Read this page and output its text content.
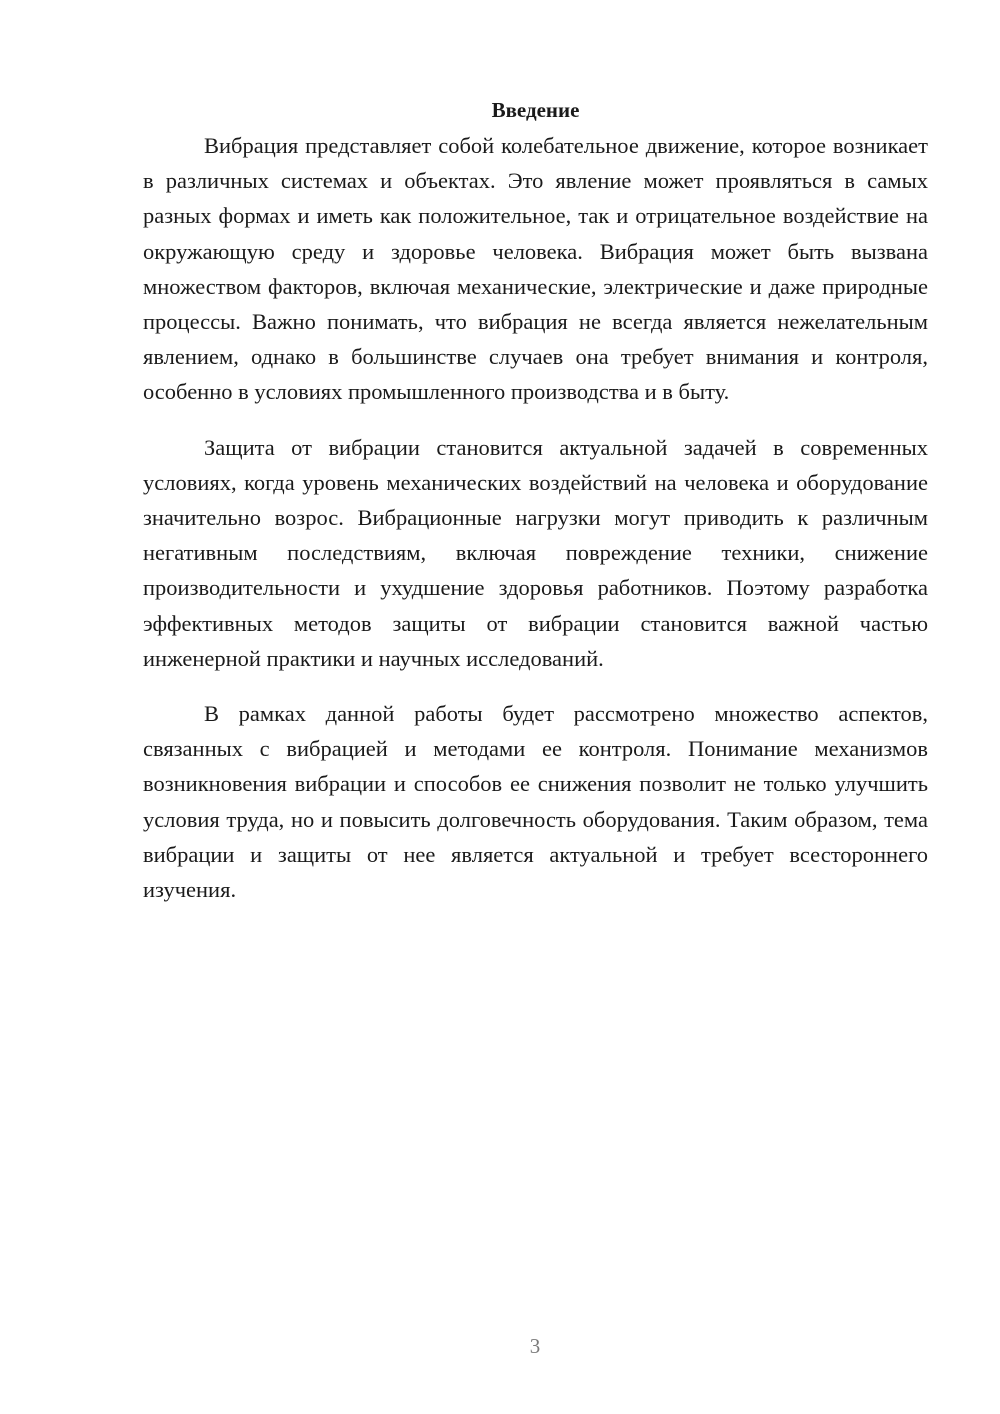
Введение

Вибрация представляет собой колебательное движение, которое возникает в различных системах и объектах. Это явление может проявляться в самых разных формах и иметь как положительное, так и отрицательное воздействие на окружающую среду и здоровье человека. Вибрация может быть вызвана множеством факторов, включая механические, электрические и даже природные процессы. Важно понимать, что вибрация не всегда является нежелательным явлением, однако в большинстве случаев она требует внимания и контроля, особенно в условиях промышленного производства и в быту.

Защита от вибрации становится актуальной задачей в современных условиях, когда уровень механических воздействий на человека и оборудование значительно возрос. Вибрационные нагрузки могут приводить к различным негативным последствиям, включая повреждение техники, снижение производительности и ухудшение здоровья работников. Поэтому разработка эффективных методов защиты от вибрации становится важной частью инженерной практики и научных исследований.

В рамках данной работы будет рассмотрено множество аспектов, связанных с вибрацией и методами ее контроля. Понимание механизмов возникновения вибрации и способов ее снижения позволит не только улучшить условия труда, но и повысить долговечность оборудования. Таким образом, тема вибрации и защиты от нее является актуальной и требует всестороннего изучения.

3
